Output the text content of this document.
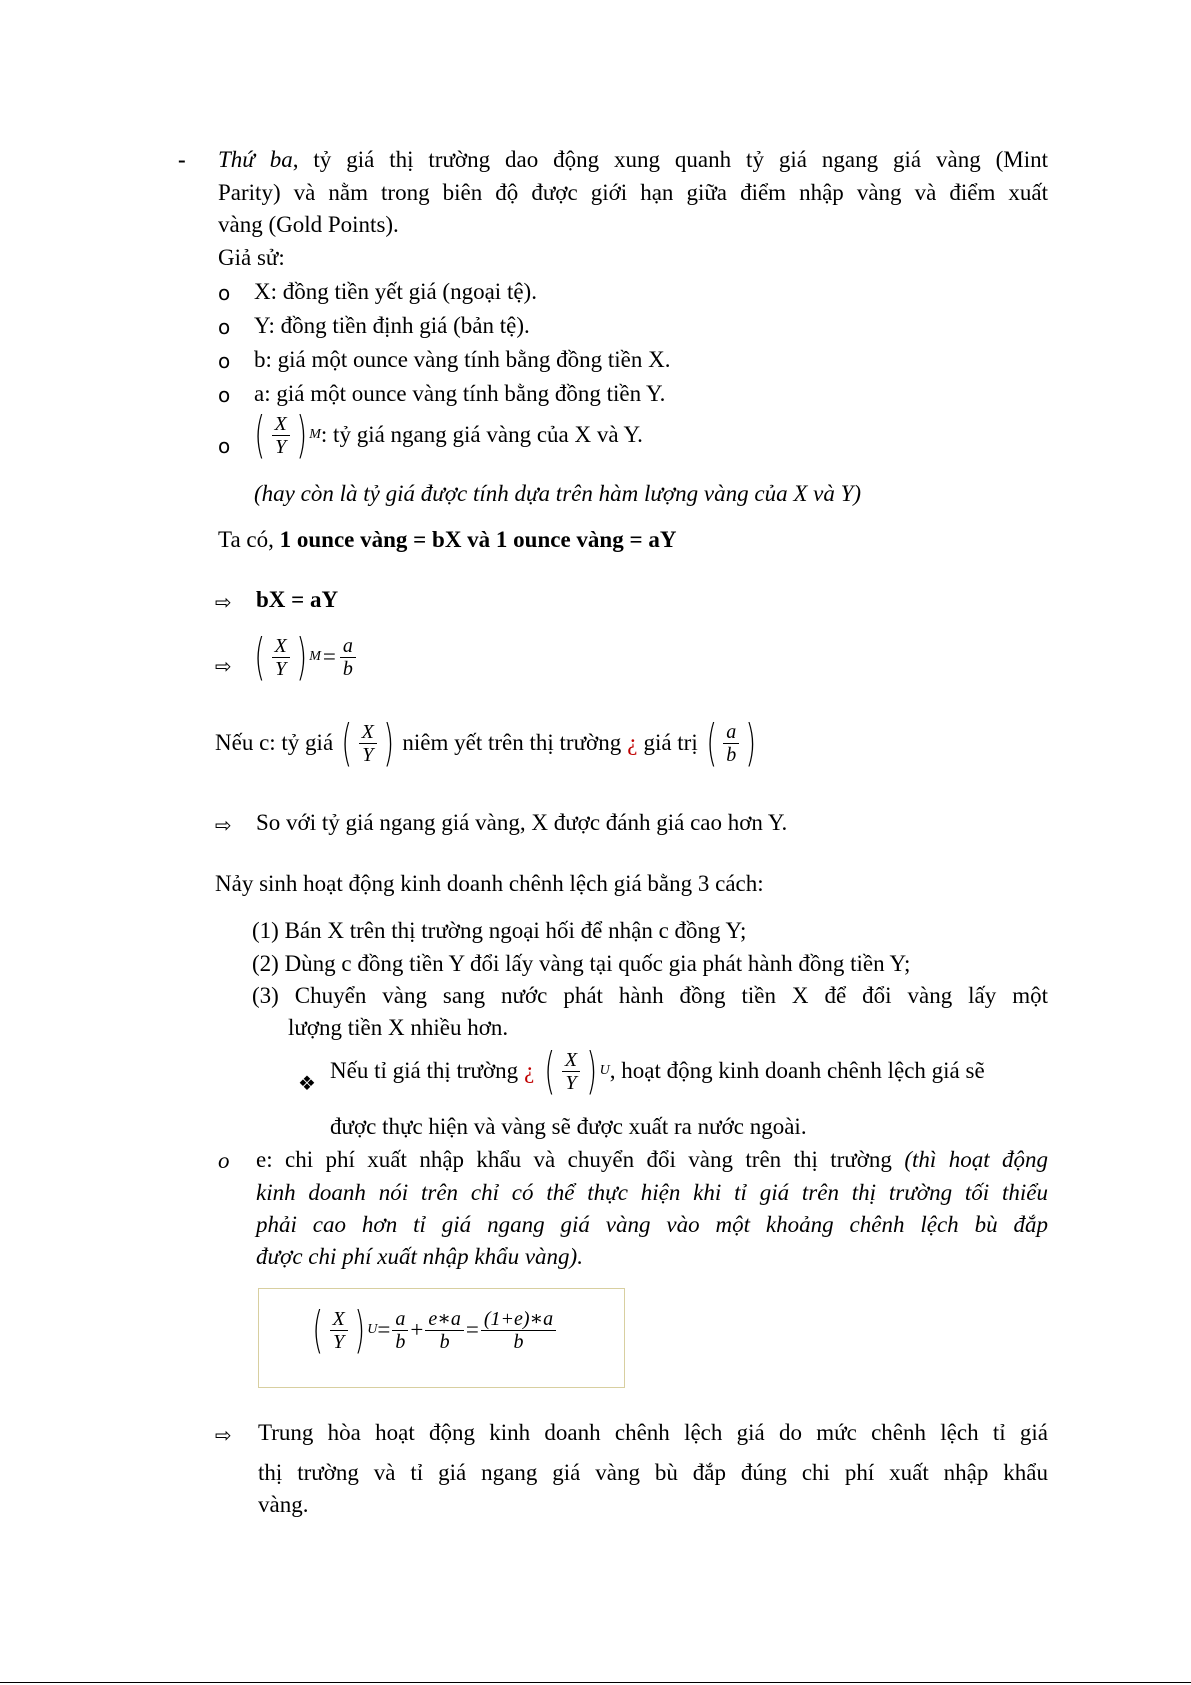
- Thứ ba, tỷ giá thị trường dao động xung quanh tỷ giá ngang giá vàng (Mint
Parity) và nằm trong biên độ được giới hạn giữa điểm nhập vàng và điểm xuất
vàng (Gold Points).
Giả sử:
o X: đồng tiền yết giá (ngoại tệ).
o Y: đồng tiền định giá (bản tệ).
o b: giá một ounce vàng tính bằng đồng tiền X.
o a: giá một ounce vàng tính bằng đồng tiền Y.
o ( $\frac{X}{Y}$ ) M : tỷ giá ngang giá vàng của X và Y.
(hay còn là tỷ giá được tính dựa trên hàm lượng vàng của X và Y)
Ta có, 1 ounce vàng = bX và 1 ounce vàng = aY
⇨ bX = aY
⇨ ( $\frac{X}{Y}$ ) $M = \frac{a}{b}$
Nếu c: tỷ giá ( $\frac{X}{Y}$ ) niêm yết trên thị trường ¿ giá trị ( $\frac{a}{b}$ )
⇨ So với tỷ giá ngang giá vàng, X được đánh giá cao hơn Y.
Nảy sinh hoạt động kinh doanh chênh lệch giá bằng 3 cách:
(1) Bán X trên thị trường ngoại hối để nhận c đồng Y;
(2) Dùng c đồng tiền Y đổi lấy vàng tại quốc gia phát hành đồng tiền Y;
(3) Chuyển vàng sang nước phát hành đồng tiền X để đổi vàng lấy một
lượng tiền X nhiều hơn.
❖ Nếu tỉ giá thị trường ¿ ( $\frac{X}{Y}$ ) U , hoạt động kinh doanh chênh lệch giá sẽ
được thực hiện và vàng sẽ được xuất ra nước ngoài.
o e: chi phí xuất nhập khẩu và chuyển đổi vàng trên thị trường (thì hoạt động
kinh doanh nói trên chỉ có thể thực hiện khi tỉ giá trên thị trường tối thiểu
phải cao hơn tỉ giá ngang giá vàng vào một khoảng chênh lệch bù đắp
được chi phí xuất nhập khẩu vàng).
( $\frac{X}{Y}$ ) $U = \frac{a}{b} + \frac{e∗a}{b} = \frac{(1+e)∗a}{b}$
⇨ Trung hòa hoạt động kinh doanh chênh lệch giá do mức chênh lệch tỉ giá
thị trường và tỉ giá ngang giá vàng bù đắp đúng chi phí xuất nhập khẩu
vàng.
